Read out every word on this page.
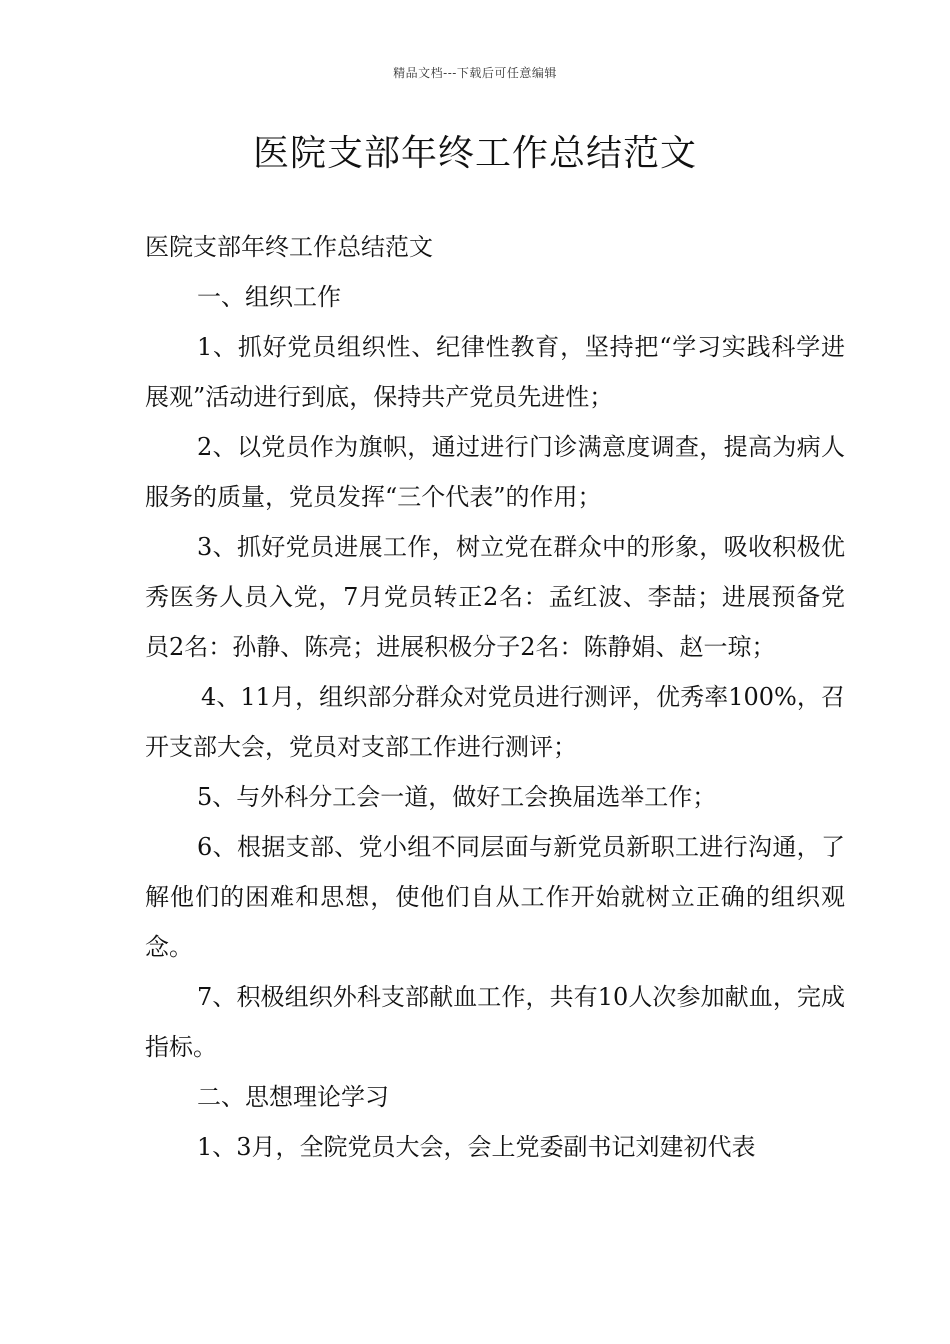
精品文档---下载后可任意编辑
医院支部年终工作总结范文

医院支部年终工作总结范文

一、组织工作

1、抓好党员组织性、纪律性教育，坚持把“学习实践科学进展观”活动进行到底，保持共产党员先进性；

2、以党员作为旗帜，通过进行门诊满意度调查，提高为病人服务的质量，党员发挥“三个代表”的作用；

3、抓好党员进展工作，树立党在群众中的形象，吸收积极优秀医务人员入党，7月党员转正2名：孟红波、李喆；进展预备党员2名：孙静、陈亮；进展积极分子2名：陈静娟、赵一琼；

4、11月，组织部分群众对党员进行测评，优秀率100%，召开支部大会，党员对支部工作进行测评；

5、与外科分工会一道，做好工会换届选举工作；

6、根据支部、党小组不同层面与新党员新职工进行沟通，了解他们的困难和思想，使他们自从工作开始就树立正确的组织观念。

7、积极组织外科支部献血工作，共有10人次参加献血，完成指标。

二、思想理论学习

1、3月，全院党员大会，会上党委副书记刘建初代表
